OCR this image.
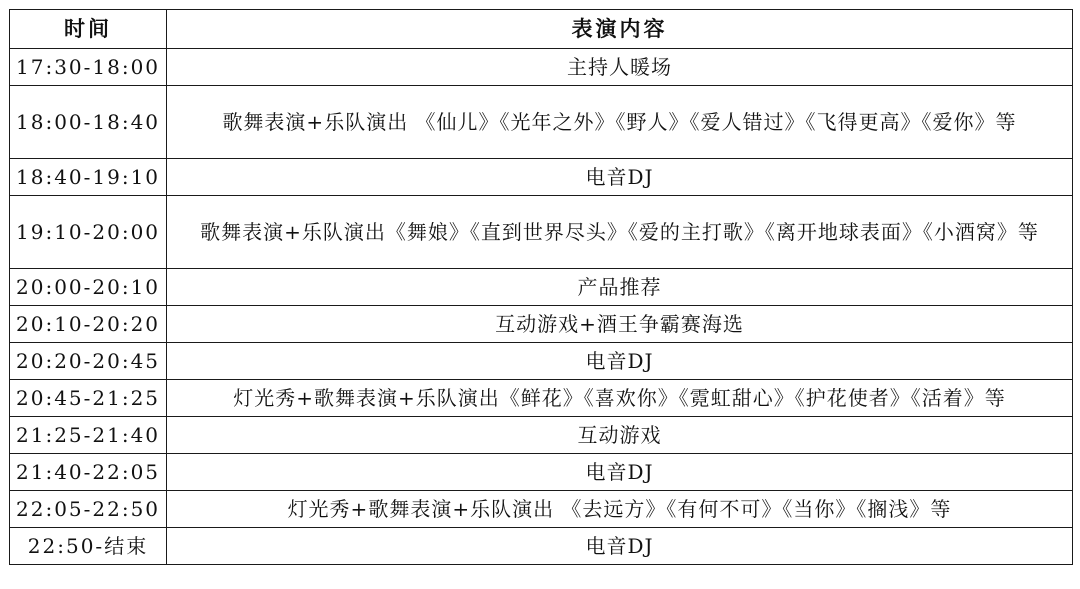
时间	表演内容
17:30-18:00	主持人暖场
18:00-18:40	歌舞表演+乐队演出 《仙儿》《光年之外》《野人》《爱人错过》《飞得更高》《爱你》等
18:40-19:10	电音DJ
19:10-20:00	歌舞表演+乐队演出《舞娘》《直到世界尽头》《爱的主打歌》《离开地球表面》《小酒窝》等
20:00-20:10	产品推荐
20:10-20:20	互动游戏+酒王争霸赛海选
20:20-20:45	电音DJ
20:45-21:25	灯光秀+歌舞表演+乐队演出《鲜花》《喜欢你》《霓虹甜心》《护花使者》《活着》等
21:25-21:40	互动游戏
21:40-22:05	电音DJ
22:05-22:50	灯光秀+歌舞表演+乐队演出 《去远方》《有何不可》《当你》《搁浅》等
22:50-结束	电音DJ
